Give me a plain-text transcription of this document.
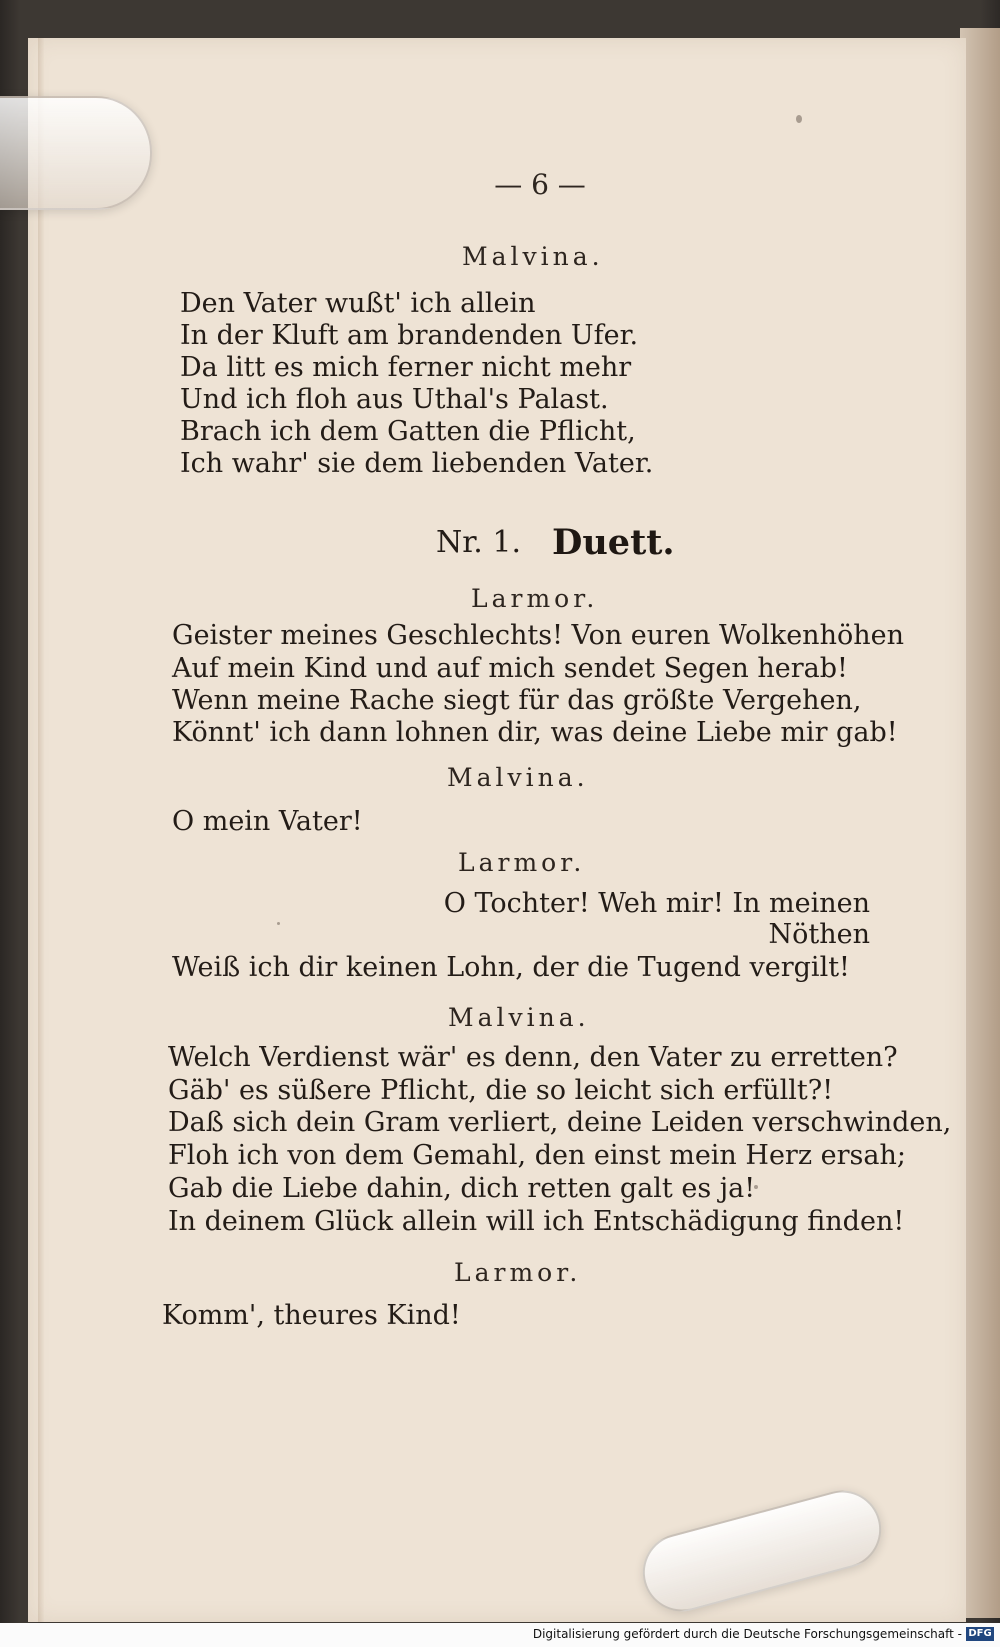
— 6 —
Malvina.
Den Vater wußt' ich allein
In der Kluft am brandenden Ufer.
Da litt es mich ferner nicht mehr
Und ich floh aus Uthal's Palast.
Brach ich dem Gatten die Pflicht,
Ich wahr' sie dem liebenden Vater.
Nr. 1. Duett.
Larmor.
Geister meines Geschlechts! Von euren Wolkenhöhen
Auf mein Kind und auf mich sendet Segen herab!
Wenn meine Rache siegt für das größte Vergehen,
Könnt' ich dann lohnen dir, was deine Liebe mir gab!
Malvina.
O mein Vater!
Larmor.
O Tochter! Weh mir! In meinen
Nöthen
Weiß ich dir keinen Lohn, der die Tugend vergilt!
Malvina.
Welch Verdienst wär' es denn, den Vater zu erretten?
Gäb' es süßere Pflicht, die so leicht sich erfüllt?!
Daß sich dein Gram verliert, deine Leiden verschwinden,
Floh ich von dem Gemahl, den einst mein Herz ersah;
Gab die Liebe dahin, dich retten galt es ja!
In deinem Glück allein will ich Entschädigung finden!
Larmor.
Komm', theures Kind!
Digitalisierung gefördert durch die Deutsche Forschungsgemeinschaft - DFG
